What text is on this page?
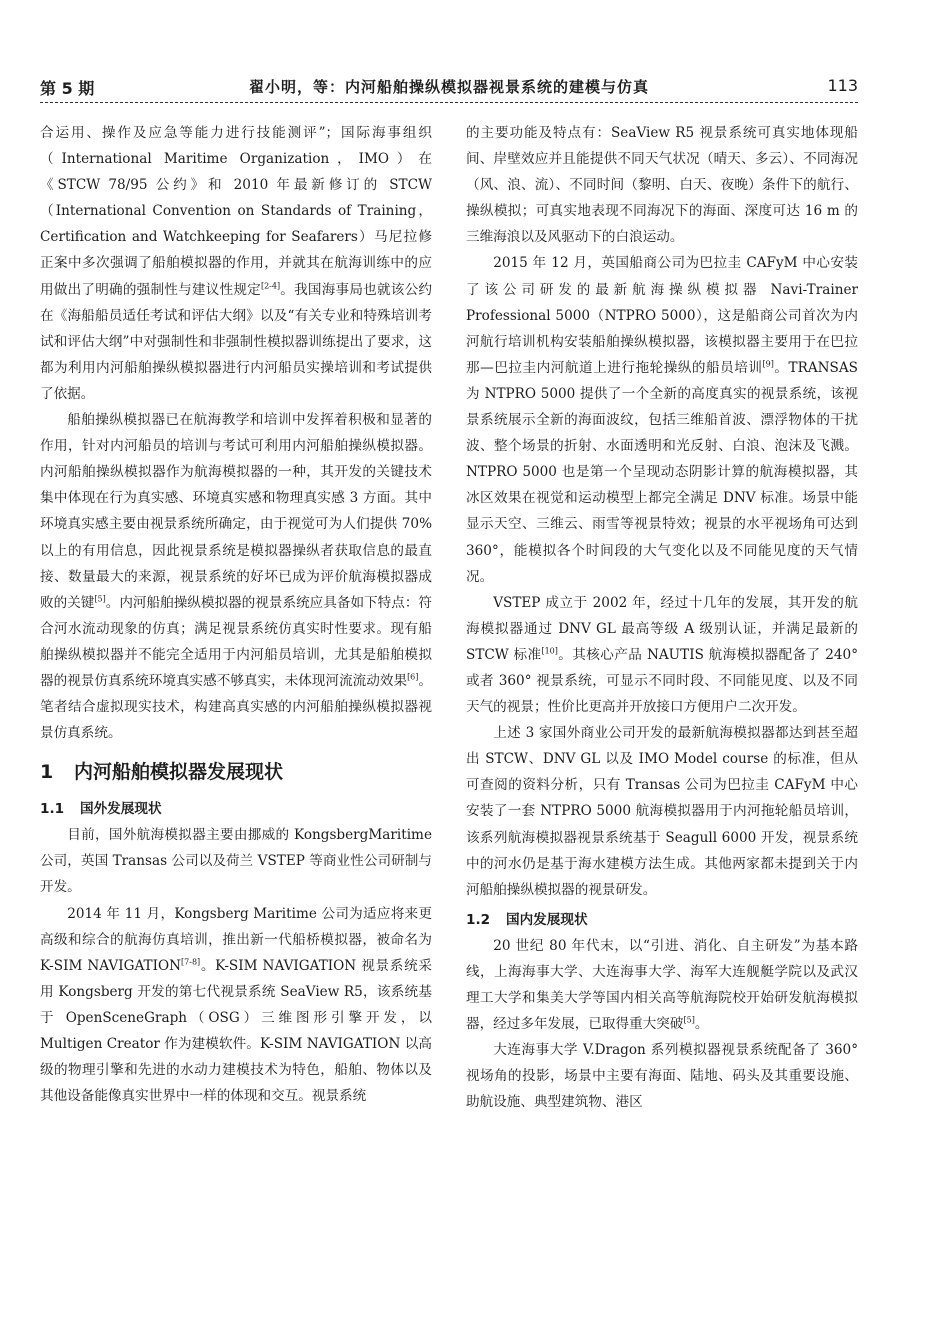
第 5 期	翟小明，等：内河船舶操纵模拟器视景系统的建模与仿真	113

合运用、操作及应急等能力进行技能测评”；国际海事组织（International Maritime Organization，IMO）在《STCW 78/95 公约》和 2010 年最新修订的 STCW（International Convention on Standards of Training，Certification and Watchkeeping for Seafarers）马尼拉修正案中多次强调了船舶模拟器的作用，并就其在航海训练中的应用做出了明确的强制性与建议性规定[2-4]。我国海事局也就该公约在《海船船员适任考试和评估大纲》以及“有关专业和特殊培训考试和评估大纲”中对强制性和非强制性模拟器训练提出了要求，这都为利用内河船舶操纵模拟器进行内河船员实操培训和考试提供了依据。

船舶操纵模拟器已在航海教学和培训中发挥着积极和显著的作用，针对内河船员的培训与考试可利用内河船舶操纵模拟器。内河船舶操纵模拟器作为航海模拟器的一种，其开发的关键技术集中体现在行为真实感、环境真实感和物理真实感 3 方面。其中环境真实感主要由视景系统所确定，由于视觉可为人们提供 70% 以上的有用信息，因此视景系统是模拟器操纵者获取信息的最直接、数量最大的来源，视景系统的好坏已成为评价航海模拟器成败的关键[5]。内河船舶操纵模拟器的视景系统应具备如下特点：符合河水流动现象的仿真；满足视景系统仿真实时性要求。现有船舶操纵模拟器并不能完全适用于内河船员培训，尤其是船舶模拟器的视景仿真系统环境真实感不够真实，未体现河流流动效果[6]。笔者结合虚拟现实技术，构建高真实感的内河船舶操纵模拟器视景仿真系统。

1 内河船舶模拟器发展现状
1.1 国外发展现状

目前，国外航海模拟器主要由挪威的 KongsbergMaritime 公司，英国 Transas 公司以及荷兰 VSTEP 等商业性公司研制与开发。

2014 年 11 月，Kongsberg Maritime 公司为适应将来更高级和综合的航海仿真培训，推出新一代船桥模拟器，被命名为 K-SIM NAVIGATION[7-8]。K-SIM NAVIGATION 视景系统采用 Kongsberg 开发的第七代视景系统 SeaView R5，该系统基于 OpenSceneGraph（OSG）三维图形引擎开发，以 Multigen Creator 作为建模软件。K-SIM NAVIGATION 以高级的物理引擎和先进的水动力建模技术为特色，船舶、物体以及其他设备能像真实世界中一样的体现和交互。视景系统

的主要功能及特点有：SeaView R5 视景系统可真实地体现船间、岸壁效应并且能提供不同天气状况（晴天、多云）、不同海况（风、浪、流）、不同时间（黎明、白天、夜晚）条件下的航行、操纵模拟；可真实地表现不同海况下的海面、深度可达 16 m 的三维海浪以及风驱动下的白浪运动。

2015 年 12 月，英国船商公司为巴拉圭 CAFyM 中心安装了该公司研发的最新航海操纵模拟器 Navi-Trainer Professional 5000（NTPRO 5000），这是船商公司首次为内河航行培训机构安装船舶操纵模拟器，该模拟器主要用于在巴拉那—巴拉圭内河航道上进行拖轮操纵的船员培训[9]。TRANSAS 为 NTPRO 5000 提供了一个全新的高度真实的视景系统，该视景系统展示全新的海面波纹，包括三维船首波、漂浮物体的干扰波、整个场景的折射、水面透明和光反射、白浪、泡沫及飞溅。NTPRO 5000 也是第一个呈现动态阴影计算的航海模拟器，其冰区效果在视觉和运动模型上都完全满足 DNV 标准。场景中能显示天空、三维云、雨雪等视景特效；视景的水平视场角可达到 360°，能模拟各个时间段的大气变化以及不同能见度的天气情况。

VSTEP 成立于 2002 年，经过十几年的发展，其开发的航海模拟器通过 DNV GL 最高等级 A 级别认证，并满足最新的 STCW 标准[10]。其核心产品 NAUTIS 航海模拟器配备了 240° 或者 360° 视景系统，可显示不同时段、不同能见度、以及不同天气的视景；性价比更高并开放接口方便用户二次开发。

上述 3 家国外商业公司开发的最新航海模拟器都达到甚至超出 STCW、DNV GL 以及 IMO Model course 的标准，但从可查阅的资料分析，只有 Transas 公司为巴拉圭 CAFyM 中心安装了一套 NTPRO 5000 航海模拟器用于内河拖轮船员培训，该系列航海模拟器视景系统基于 Seagull 6000 开发，视景系统中的河水仍是基于海水建模方法生成。其他两家都未提到关于内河船舶操纵模拟器的视景研发。

1.2 国内发展现状

20 世纪 80 年代末，以“引进、消化、自主研发”为基本路线，上海海事大学、大连海事大学、海军大连舰艇学院以及武汉理工大学和集美大学等国内相关高等航海院校开始研发航海模拟器，经过多年发展，已取得重大突破[5]。

大连海事大学 V.Dragon 系列模拟器视景系统配备了 360° 视场角的投影，场景中主要有海面、陆地、码头及其重要设施、助航设施、典型建筑物、港区
